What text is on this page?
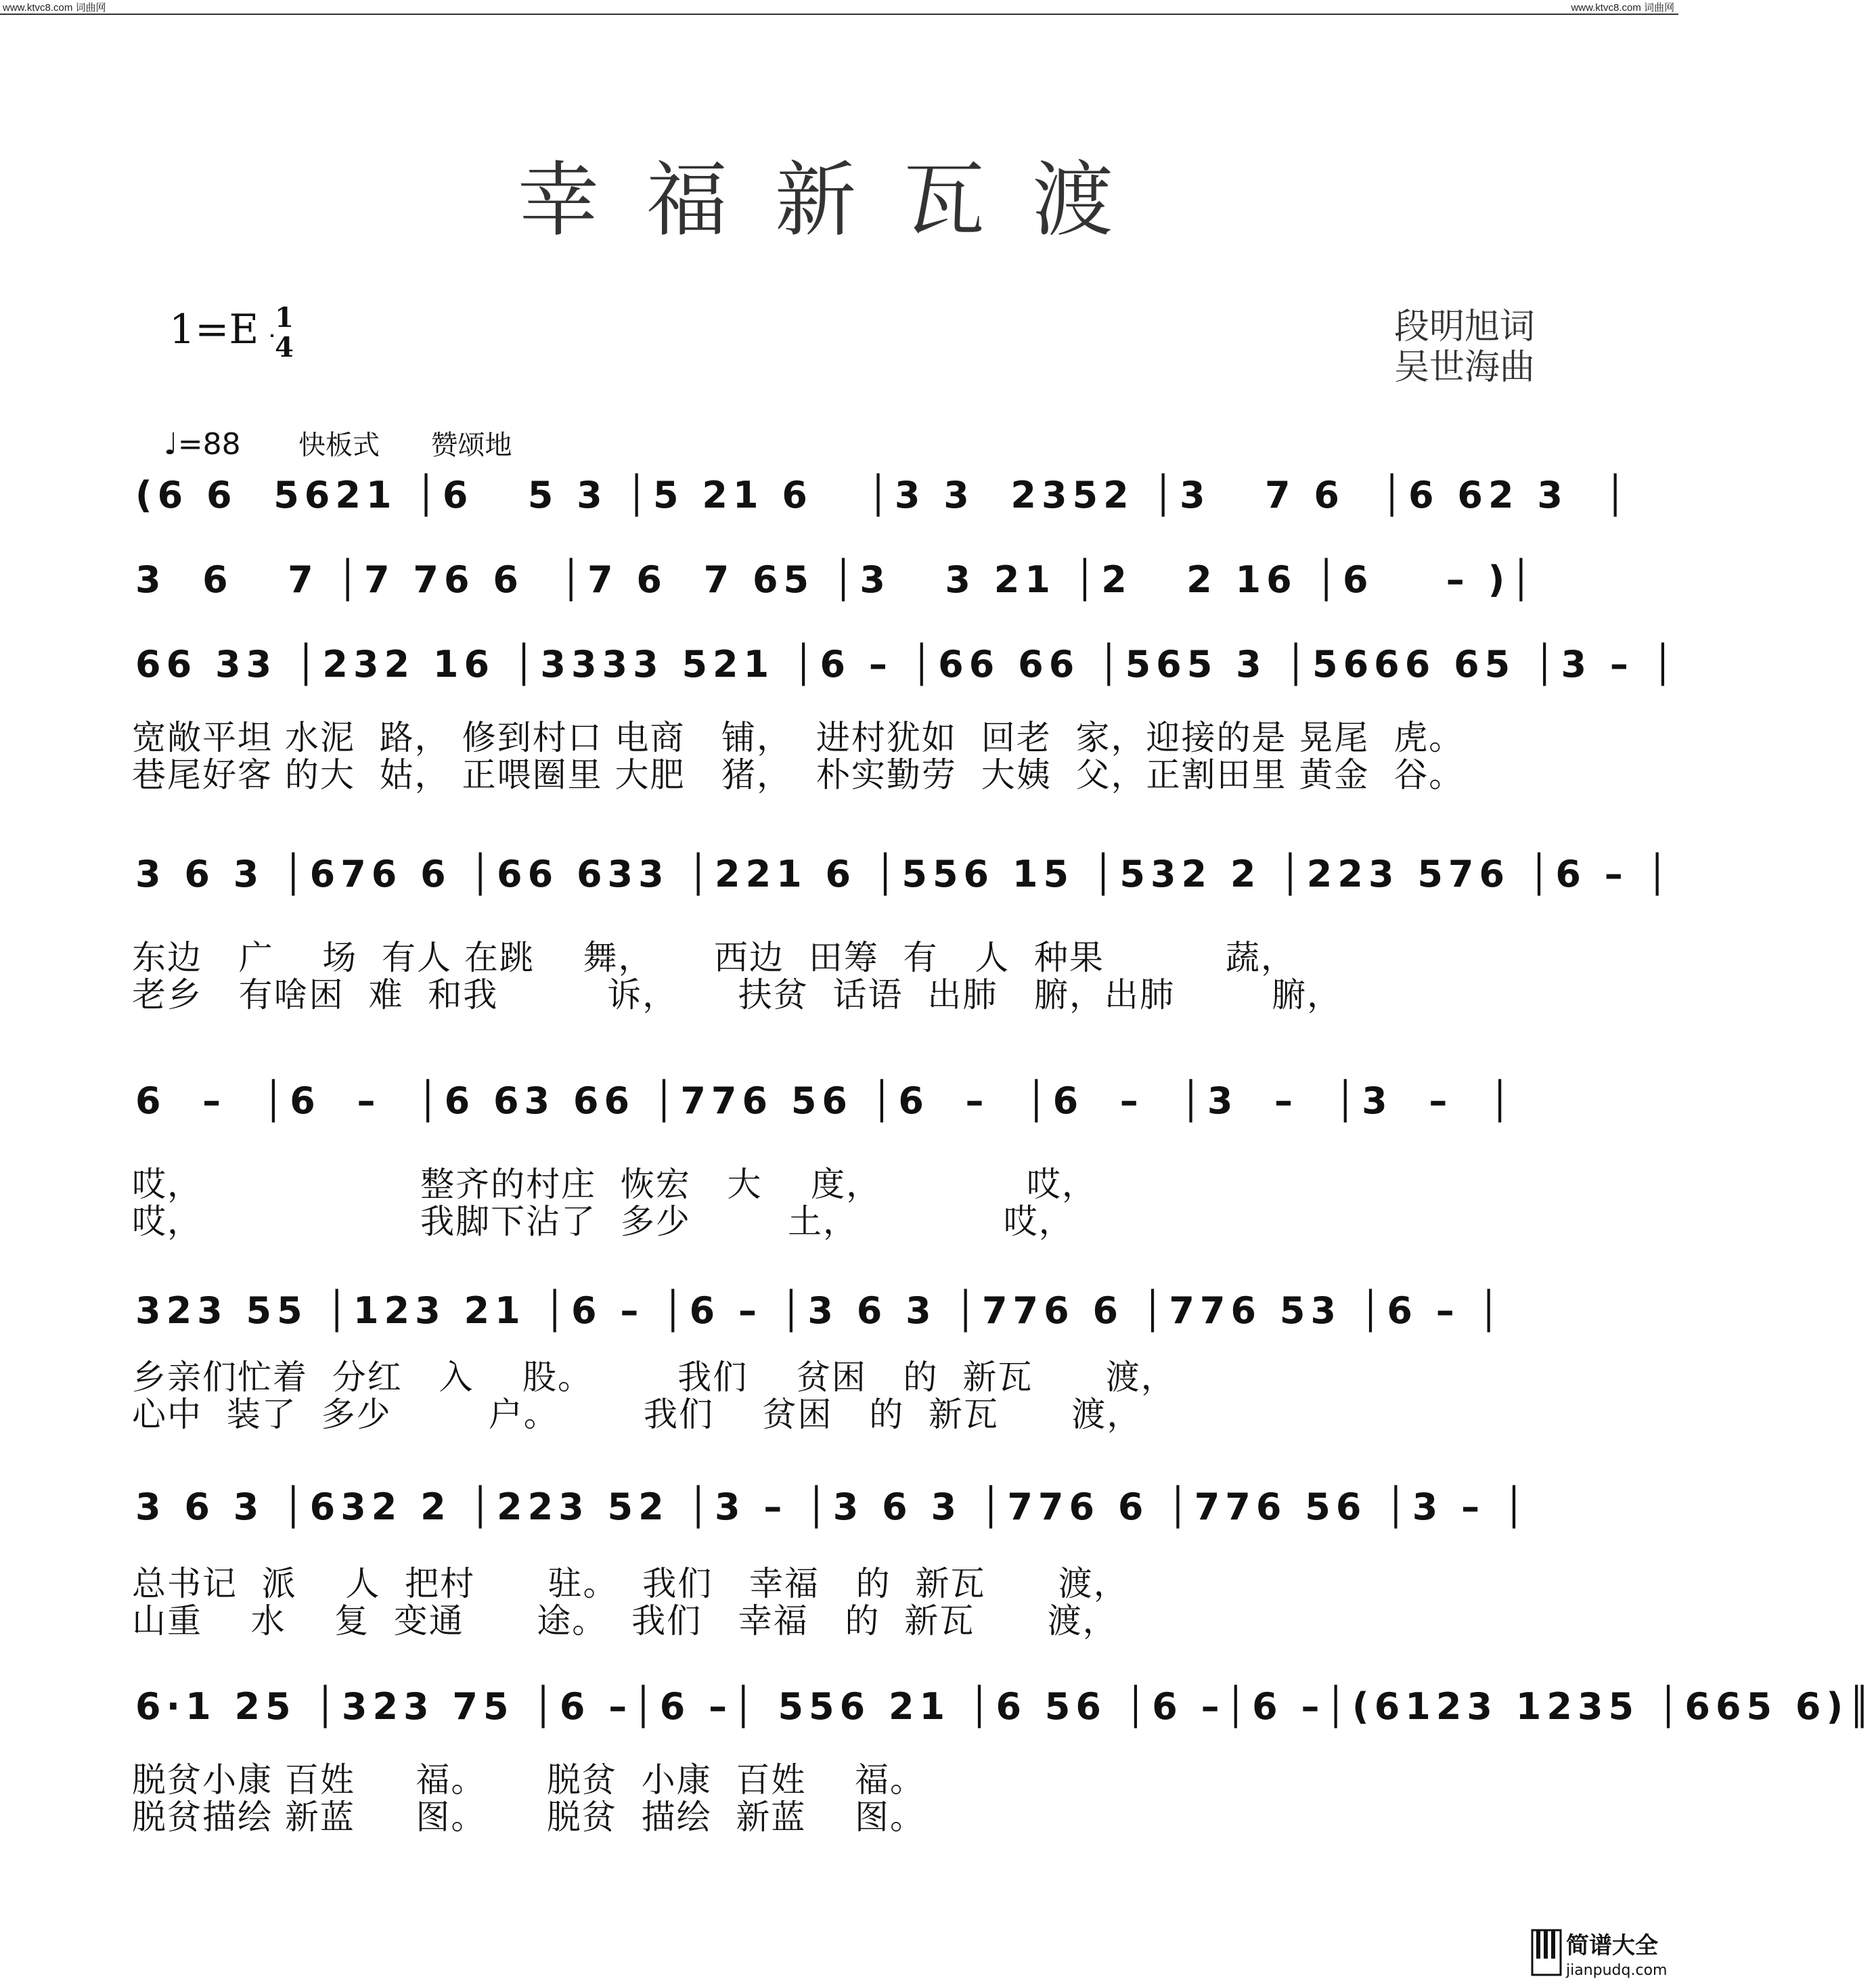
www.ktvc8.com 词曲网	www.ktvc8.com 词曲网
幸福新瓦渡
1=E 1
4
段明旭词
吴世海曲
♩=88 快板式 赞颂地
(6 6  5621 │6   5 3 │5 21 6   │3 3  2352 │3   7 6  │6 62 3  │
3  6   7 │7 76 6  │7 6  7 65 │3   3 21 │2   2 16 │6    – )│
66 33 │232 16 │3333 521 │6 – │66 66 │565 3 │5666 65 │3 – │
宽敞平坦 水泥  路， 修到村口 电商   铺，  进村犹如  回老  家，迎接的是 晃尾  虎。
巷尾好客 的大  姑， 正喂圈里 大肥   猪，  朴实勤劳  大姨  父，正割田里 黄金  谷。
3 6 3 │676 6 │66 633 │221 6 │556 15 │532 2 │223 576 │6 – │
东边   广    场  有人 在跳    舞，     西边  田筹  有   人  种果          蔬，
老乡   有啥困  难  和我         诉，     扶贫  话语  出肺   腑，出肺        腑，
6  –  │6  –  │6 63 66 │776 56 │6  –  │6  –  │3  –  │3  –  │
哎，                  整齐的村庄  恢宏   大    度，            哎，
哎，                  我脚下沾了  多少        土，            哎，
323 55 │123 21 │6 – │6 – │3 6 3 │776 6 │776 53 │6 – │
乡亲们忙着  分红   入    股。       我们    贫困   的  新瓦      渡，
心中  装了  多少        户。       我们    贫困   的  新瓦      渡，
3 6 3 │632 2 │223 52 │3 – │3 6 3 │776 6 │776 56 │3 – │
总书记  派    人  把村      驻。  我们   幸福   的  新瓦      渡，
山重    水    复  变通      途。  我们   幸福   的  新瓦      渡，
6·1 25 │323 75 │6 –│6 –│ 556 21 │6 56 │6 –│6 –│(6123 1235 │665 6)║
脱贫小康 百姓     福。     脱贫  小康  百姓    福。
脱贫描绘 新蓝     图。     脱贫  描绘  新蓝    图。
简谱大全
jianpudq.com
